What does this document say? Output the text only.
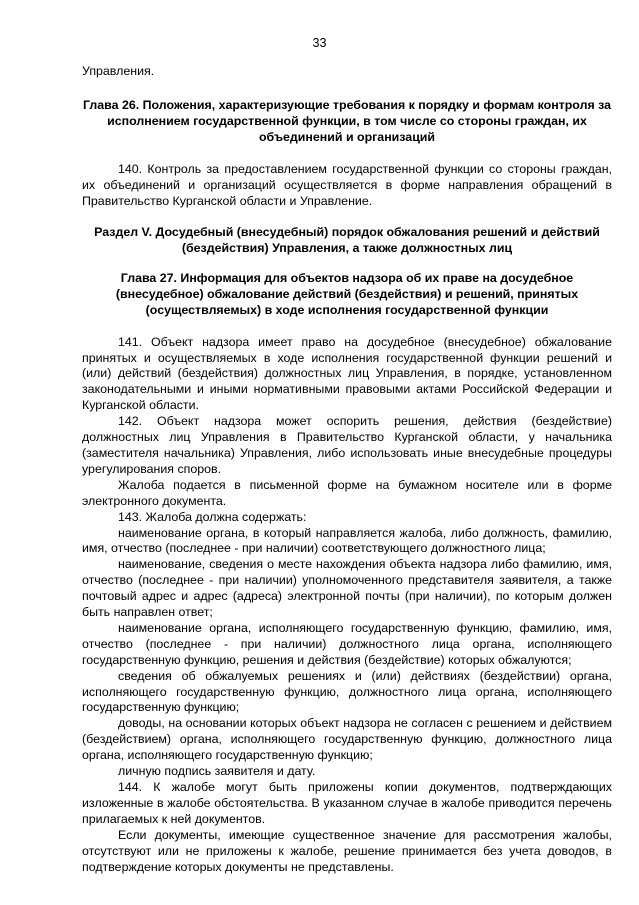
33

Управления.

Глава 26. Положения, характеризующие требования к порядку и формам контроля за исполнением государственной функции, в том числе со стороны граждан, их объединений и организаций

140. Контроль за предоставлением государственной функции со стороны граждан, их объединений и организаций осуществляется в форме направления обращений в Правительство Курганской области и Управление.

Раздел V. Досудебный (внесудебный) порядок обжалования решений и действий (бездействия) Управления, а также должностных лиц
Глава 27. Информация для объектов надзора об их праве на досудебное (внесудебное) обжалование действий (бездействия) и решений, принятых (осуществляемых) в ходе исполнения государственной функции

141. Объект надзора имеет право на досудебное (внесудебное) обжалование принятых и осуществляемых в ходе исполнения государственной функции решений и (или) действий (бездействия) должностных лиц Управления, в порядке, установленном законодательными и иными нормативными правовыми актами Российской Федерации и Курганской области.

142. Объект надзора может оспорить решения, действия (бездействие) должностных лиц Управления в Правительство Курганской области, у начальника (заместителя начальника) Управления, либо использовать иные внесудебные процедуры урегулирования споров.

Жалоба подается в письменной форме на бумажном носителе или в форме электронного документа.

143. Жалоба должна содержать:

наименование органа, в который направляется жалоба, либо должность, фамилию, имя, отчество (последнее - при наличии) соответствующего должностного лица;

наименование, сведения о месте нахождения объекта надзора либо фамилию, имя, отчество (последнее - при наличии) уполномоченного представителя заявителя, а также почтовый адрес и адрес (адреса) электронной почты (при наличии), по которым должен быть направлен ответ;

наименование органа, исполняющего государственную функцию, фамилию, имя, отчество (последнее - при наличии) должностного лица органа, исполняющего государственную функцию, решения и действия (бездействие) которых обжалуются;

сведения об обжалуемых решениях и (или) действиях (бездействии) органа, исполняющего государственную функцию, должностного лица органа, исполняющего государственную функцию;

доводы, на основании которых объект надзора не согласен с решением и действием (бездействием) органа, исполняющего государственную функцию, должностного лица органа, исполняющего государственную функцию;

личную подпись заявителя и дату.

144. К жалобе могут быть приложены копии документов, подтверждающих изложенные в жалобе обстоятельства. В указанном случае в жалобе приводится перечень прилагаемых к ней документов.

Если документы, имеющие существенное значение для рассмотрения жалобы, отсутствуют или не приложены к жалобе, решение принимается без учета доводов, в подтверждение которых документы не представлены.
